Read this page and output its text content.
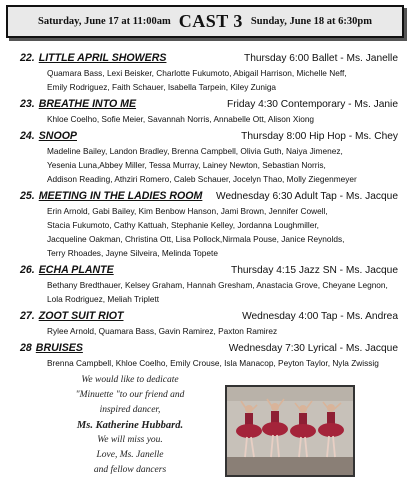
Saturday, June 17 at 11:00am CAST 3 Sunday, June 18 at 6:30pm
22. LITTLE APRIL SHOWERS	Thursday 6:00 Ballet - Ms. Janelle
Quamara Bass, Lexi Beisker, Charlotte Fukumoto, Abigail Harrison, Michelle Neff,
Emily Rodriguez, Faith Schauer, Isabella Tarpein, Kiley Zuniga
23. BREATHE INTO ME	Friday 4:30 Contemporary - Ms. Janie
Khloe Coelho, Sofie Meier, Savannah Norris, Annabelle Ott, Alison Xiong
24. SNOOP	Thursday 8:00 Hip Hop - Ms. Chey
Madeline Bailey, Landon Bradley, Brenna Campbell, Olivia Guth, Naiya Jimenez,
Yesenia Luna,Abbey Miller, Tessa Murray, Lainey Newton, Sebastian Norris,
Addison Reading, Athziri Romero, Caleb Schauer, Jocelyn Thao, Molly Ziegenmeyer
25. MEETING IN THE LADIES ROOM Wednesday 6:30 Adult Tap - Ms. Jacque
Erin Arnold, Gabi Bailey, Kim Benbow Hanson, Jami Brown, Jennifer Cowell,
Stacia Fukumoto, Cathy Kattuah, Stephanie Kelley, Jordanna Loughmiller,
Jacqueline Oakman, Christina Ott, Lisa Pollock,Nirmala Pouse, Janice Reynolds,
Terry Rhoades, Jayne Silveira, Melinda Topete
26. ECHA PLANTE	Thursday 4:15 Jazz SN - Ms. Jacque
Bethany Bredthauer, Kelsey Graham, Hannah Gresham, Anastacia Grove, Cheyane Legnon,
Lola Rodriguez, Meliah Triplett
27. ZOOT SUIT RIOT	Wednesday 4:00 Tap - Ms. Andrea
Rylee Arnold, Quamara Bass, Gavin Ramirez, Paxton Ramirez
28 BRUISES	Wednesday 7:30 Lyrical - Ms. Jacque
Brenna Campbell, Khloe Coelho, Emily Crouse, Isla Manacop, Peyton Taylor, Nyla Zwissig
We would like to dedicate
"Minuette "to our friend and
inspired dancer,
Ms. Katherine Hubbard.
We will miss you.
Love, Ms. Janelle
and fellow dancers
